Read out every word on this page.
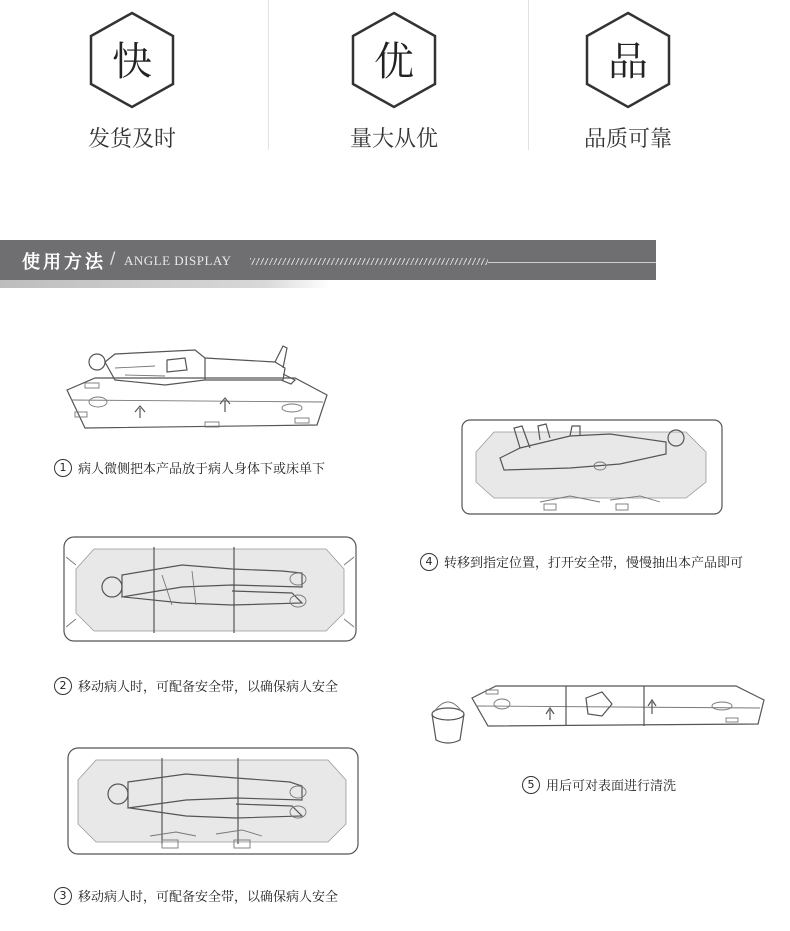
快
发货及时
优
量大从优
品
品质可靠
使用方法 / ANGLE DISPLAY
1 病人微侧把本产品放于病人身体下或床单下
2 移动病人时，可配备安全带，以确保病人安全
3 移动病人时，可配备安全带，以确保病人安全
4 转移到指定位置，打开安全带，慢慢抽出本产品即可
5 用后可对表面进行清洗
